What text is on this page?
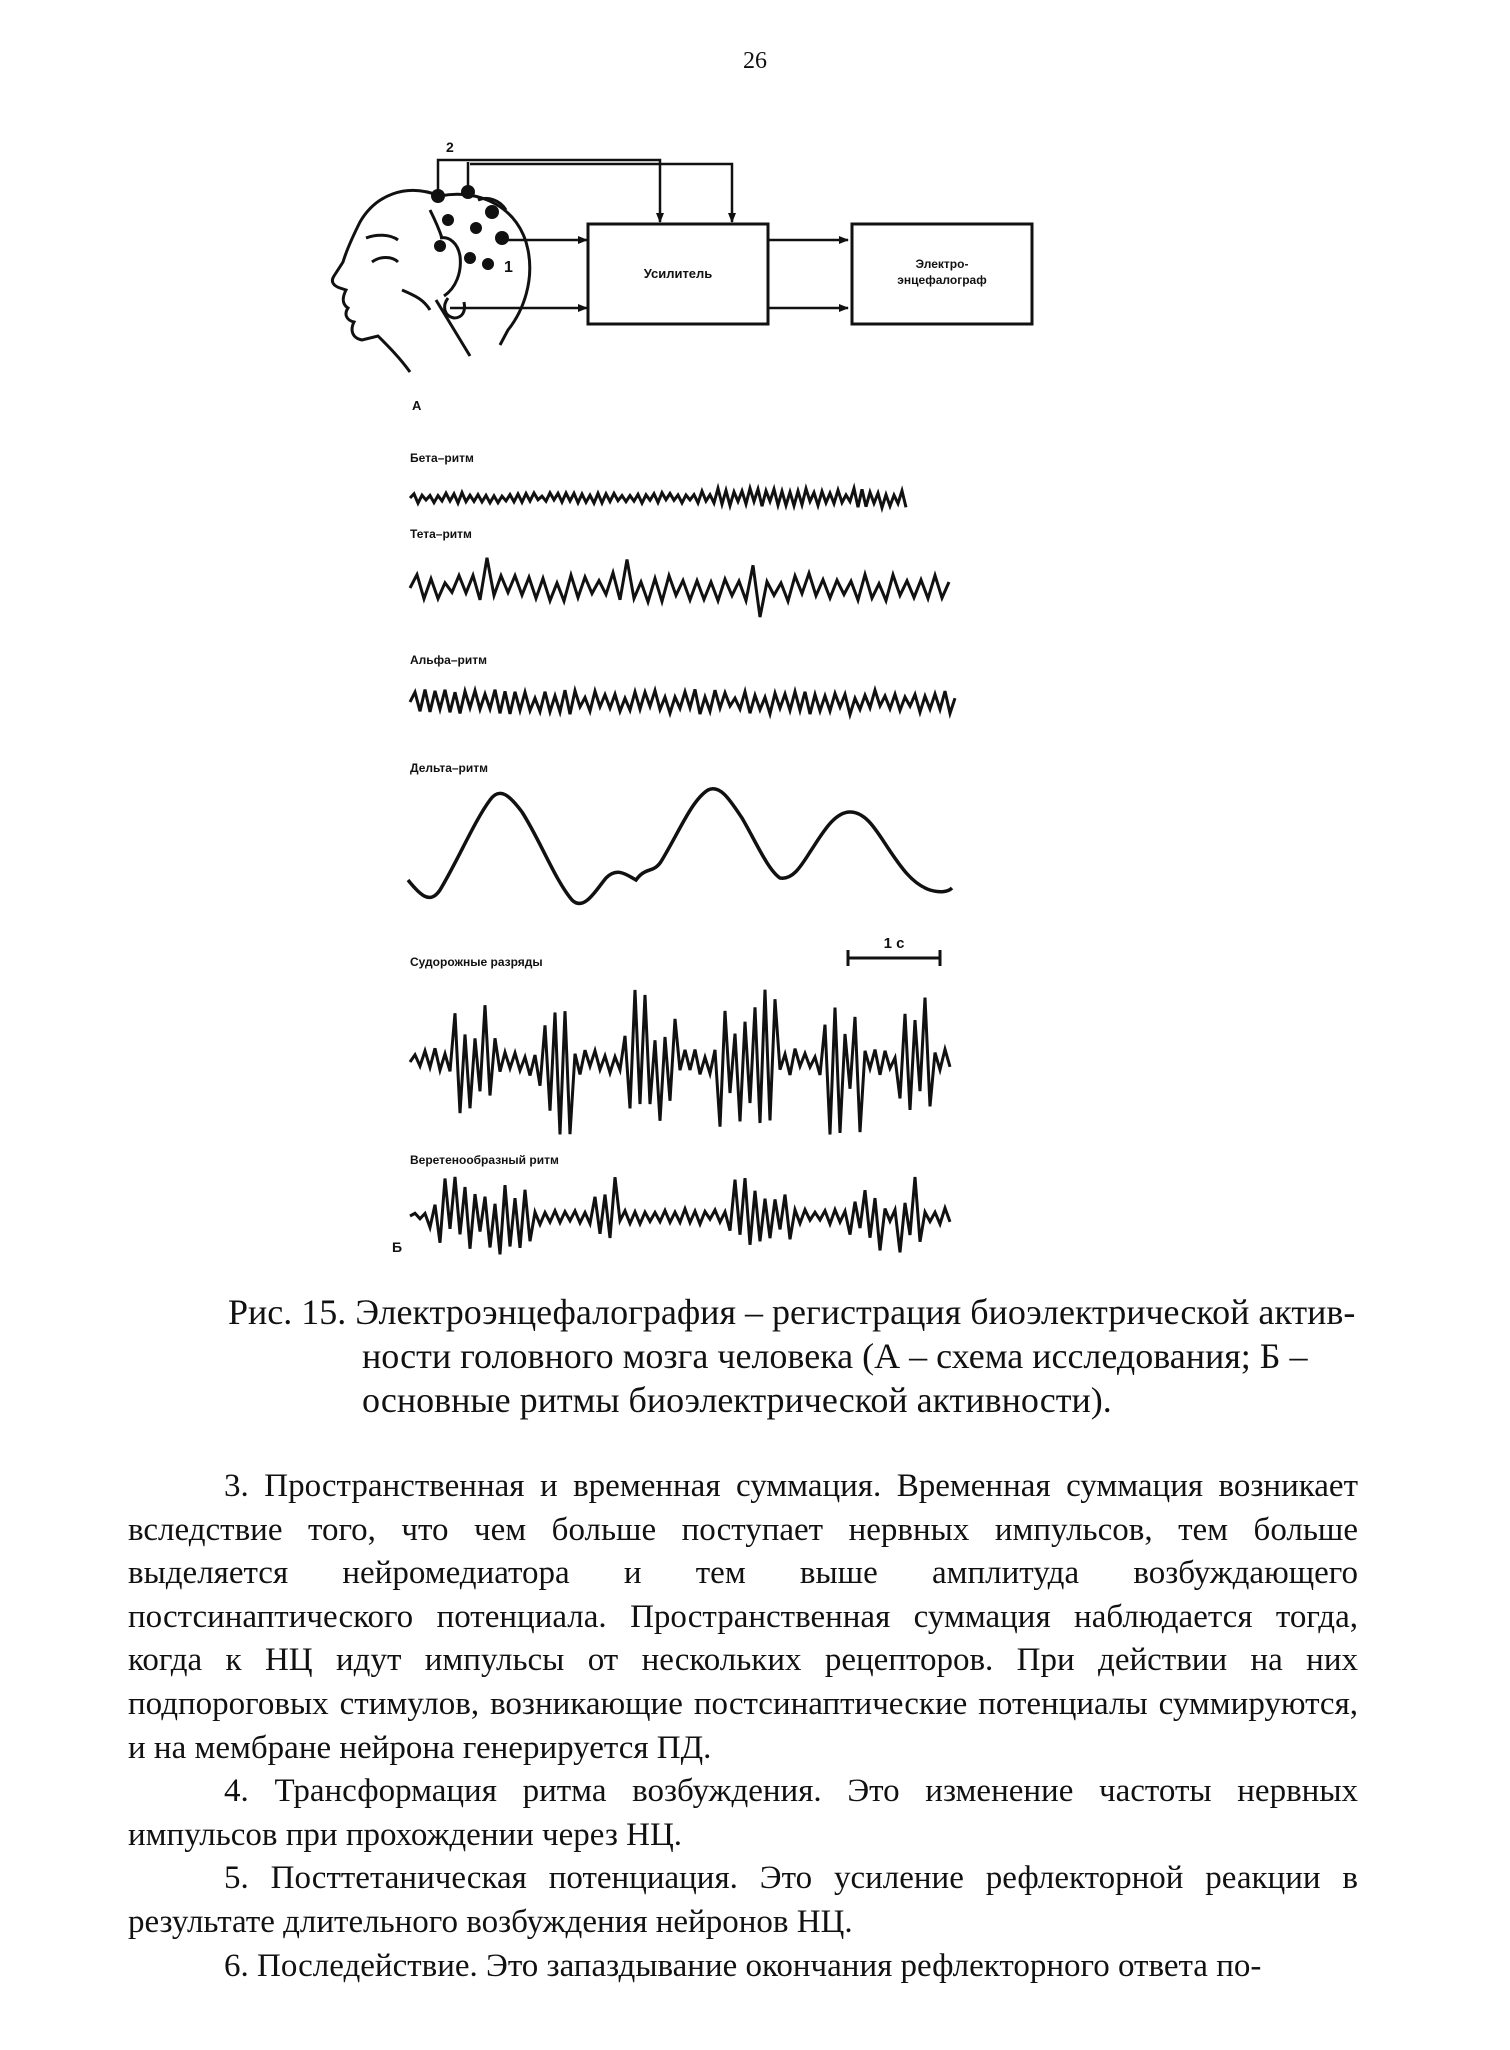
26
2
1	Усилитель
Электро-
энцефалограф
А
Бета–ритм
Тета–ритм
Альфа–ритм
Дельта–ритм
Судорожные разряды
Веретенообразный ритм
1 с
Б
Рис. 15. Электроэнцефалография – регистрация биоэлектрической актив-
ности головного мозга человека (А – схема исследования; Б –
основные ритмы биоэлектрической активности).

3. Пространственная и временная суммация. Временная суммация возникает вследствие того, что чем больше поступает нервных импульсов, тем больше выделяется нейромедиатора и тем выше амплитуда возбуждающего постсинаптического потенциала. Пространственная суммация наблюдается тогда, когда к НЦ идут импульсы от нескольких рецепторов. При действии на них подпороговых стимулов, возникающие постсинаптические потенциалы суммируются, и на мембране нейрона генерируется ПД.

4. Трансформация ритма возбуждения. Это изменение частоты нервных импульсов при прохождении через НЦ.

5. Посттетаническая потенциация. Это усиление рефлекторной реакции в результате длительного возбуждения нейронов НЦ.

6. Последействие. Это запаздывание окончания рефлекторного ответа по-
